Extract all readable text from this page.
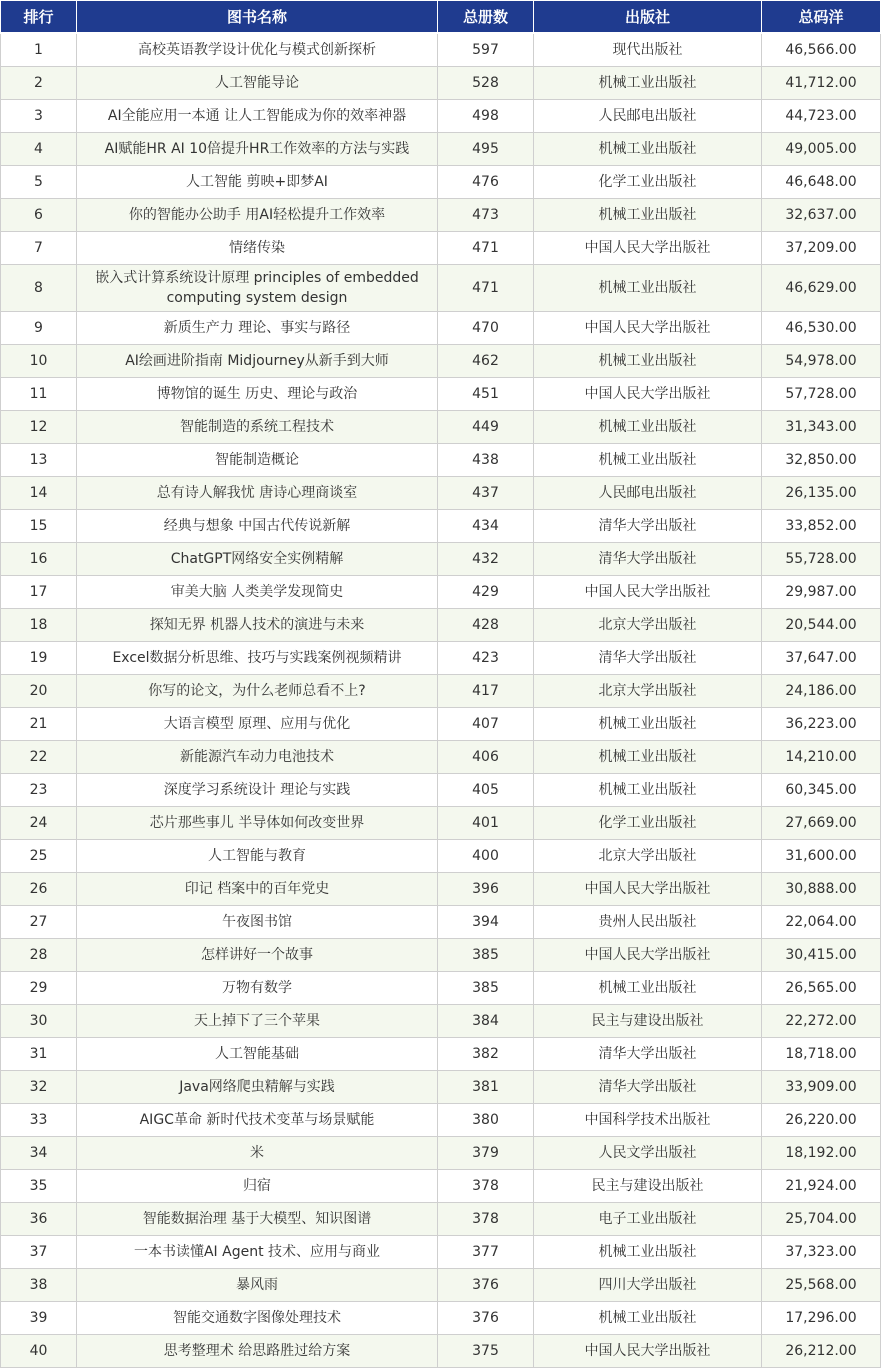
排行	图书名称	总册数	出版社	总码洋
1	高校英语教学设计优化与模式创新探析	597	现代出版社	46,566.00
2	人工智能导论	528	机械工业出版社	41,712.00
3	AI全能应用一本通 让人工智能成为你的效率神器	498	人民邮电出版社	44,723.00
4	AI赋能HR AI 10倍提升HR工作效率的方法与实践	495	机械工业出版社	49,005.00
5	人工智能 剪映+即梦AI	476	化学工业出版社	46,648.00
6	你的智能办公助手 用AI轻松提升工作效率	473	机械工业出版社	32,637.00
7	情绪传染	471	中国人民大学出版社	37,209.00
8	嵌入式计算系统设计原理 principles of embedded computing system design	471	机械工业出版社	46,629.00
9	新质生产力 理论、事实与路径	470	中国人民大学出版社	46,530.00
10	AI绘画进阶指南 Midjourney从新手到大师	462	机械工业出版社	54,978.00
11	博物馆的诞生 历史、理论与政治	451	中国人民大学出版社	57,728.00
12	智能制造的系统工程技术	449	机械工业出版社	31,343.00
13	智能制造概论	438	机械工业出版社	32,850.00
14	总有诗人解我忧 唐诗心理商谈室	437	人民邮电出版社	26,135.00
15	经典与想象 中国古代传说新解	434	清华大学出版社	33,852.00
16	ChatGPT网络安全实例精解	432	清华大学出版社	55,728.00
17	审美大脑 人类美学发现简史	429	中国人民大学出版社	29,987.00
18	探知无界 机器人技术的演进与未来	428	北京大学出版社	20,544.00
19	Excel数据分析思维、技巧与实践案例视频精讲	423	清华大学出版社	37,647.00
20	你写的论文，为什么老师总看不上?	417	北京大学出版社	24,186.00
21	大语言模型 原理、应用与优化	407	机械工业出版社	36,223.00
22	新能源汽车动力电池技术	406	机械工业出版社	14,210.00
23	深度学习系统设计 理论与实践	405	机械工业出版社	60,345.00
24	芯片那些事儿 半导体如何改变世界	401	化学工业出版社	27,669.00
25	人工智能与教育	400	北京大学出版社	31,600.00
26	印记 档案中的百年党史	396	中国人民大学出版社	30,888.00
27	午夜图书馆	394	贵州人民出版社	22,064.00
28	怎样讲好一个故事	385	中国人民大学出版社	30,415.00
29	万物有数学	385	机械工业出版社	26,565.00
30	天上掉下了三个苹果	384	民主与建设出版社	22,272.00
31	人工智能基础	382	清华大学出版社	18,718.00
32	Java网络爬虫精解与实践	381	清华大学出版社	33,909.00
33	AIGC革命 新时代技术变革与场景赋能	380	中国科学技术出版社	26,220.00
34	米	379	人民文学出版社	18,192.00
35	归宿	378	民主与建设出版社	21,924.00
36	智能数据治理 基于大模型、知识图谱	378	电子工业出版社	25,704.00
37	一本书读懂AI Agent 技术、应用与商业	377	机械工业出版社	37,323.00
38	暴风雨	376	四川大学出版社	25,568.00
39	智能交通数字图像处理技术	376	机械工业出版社	17,296.00
40	思考整理术 给思路胜过给方案	375	中国人民大学出版社	26,212.00
